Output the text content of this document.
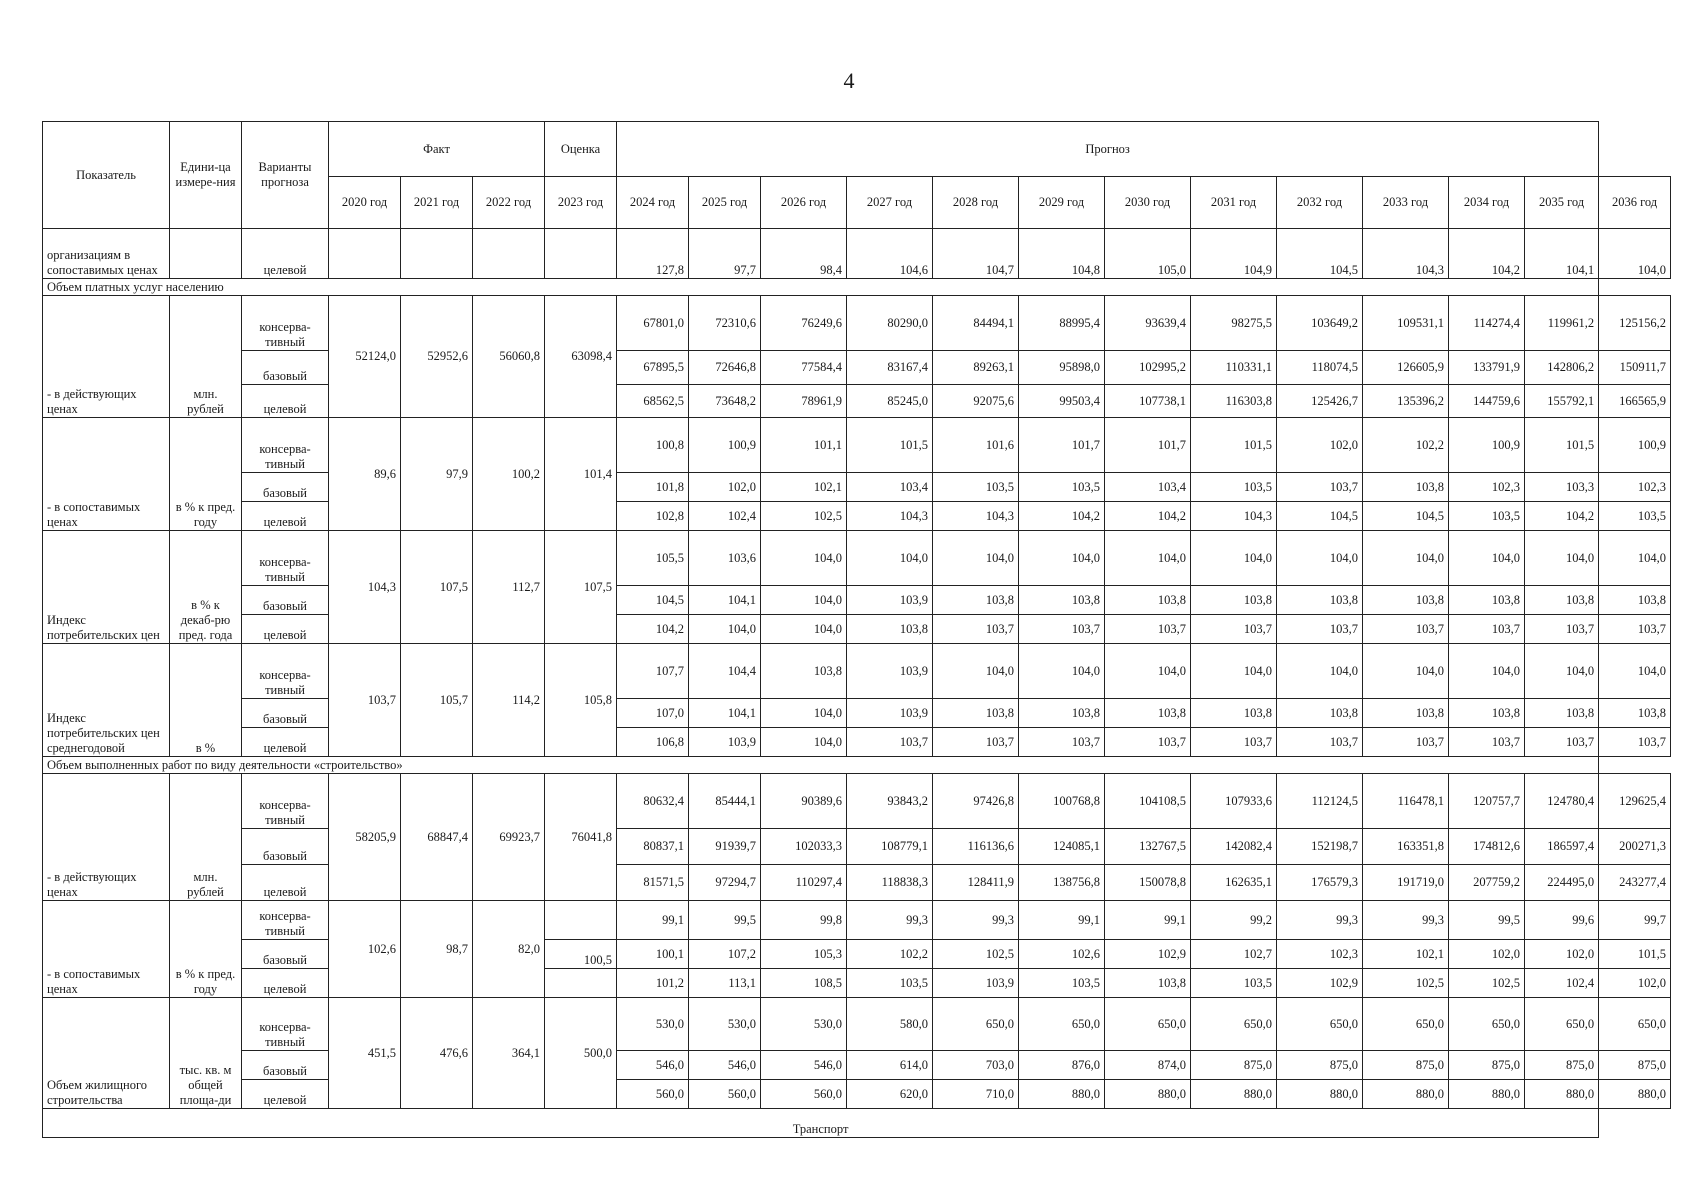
4
Показатель	Едини-ца измере-ния	Варианты прогноза	Факт			Оценка	Прогноз												
			2020 год	2021 год	2022 год	2023 год	2024 год	2025 год	2026 год	2027 год	2028 год	2029 год	2030 год	2031 год	2032 год	2033 год	2034 год	2035 год	2036 год
организациям в сопоставимых ценах		целевой					127,8	97,7	98,4	104,6	104,7	104,8	105,0	104,9	104,5	104,3	104,2	104,1	104,0
Объем платных услуг населению																			
- в действующих ценах	млн. рублей	консерва-тивный	52124,0	52952,6	56060,8	63098,4	67801,0	72310,6	76249,6	80290,0	84494,1	88995,4	93639,4	98275,5	103649,2	109531,1	114274,4	119961,2	125156,2
		базовый					67895,5	72646,8	77584,4	83167,4	89263,1	95898,0	102995,2	110331,1	118074,5	126605,9	133791,9	142806,2	150911,7
		целевой					68562,5	73648,2	78961,9	85245,0	92075,6	99503,4	107738,1	116303,8	125426,7	135396,2	144759,6	155792,1	166565,9
- в сопоставимых ценах	в % к пред. году	консерва-тивный	89,6	97,9	100,2	101,4	100,8	100,9	101,1	101,5	101,6	101,7	101,7	101,5	102,0	102,2	100,9	101,5	100,9
		базовый					101,8	102,0	102,1	103,4	103,5	103,5	103,4	103,5	103,7	103,8	102,3	103,3	102,3
		целевой					102,8	102,4	102,5	104,3	104,3	104,2	104,2	104,3	104,5	104,5	103,5	104,2	103,5
Индекс потребительских цен	в % к декаб-рю пред. года	консерва-тивный	104,3	107,5	112,7	107,5	105,5	103,6	104,0	104,0	104,0	104,0	104,0	104,0	104,0	104,0	104,0	104,0	104,0
		базовый					104,5	104,1	104,0	103,9	103,8	103,8	103,8	103,8	103,8	103,8	103,8	103,8	103,8
		целевой					104,2	104,0	104,0	103,8	103,7	103,7	103,7	103,7	103,7	103,7	103,7	103,7	103,7
Индекс потребительских цен среднегодовой	в %	консерва-тивный	103,7	105,7	114,2	105,8	107,7	104,4	103,8	103,9	104,0	104,0	104,0	104,0	104,0	104,0	104,0	104,0	104,0
		базовый					107,0	104,1	104,0	103,9	103,8	103,8	103,8	103,8	103,8	103,8	103,8	103,8	103,8
		целевой					106,8	103,9	104,0	103,7	103,7	103,7	103,7	103,7	103,7	103,7	103,7	103,7	103,7
Объем выполненных работ по виду деятельности «строительство»																			
- в действующих ценах	млн. рублей	консерва-тивный	58205,9	68847,4	69923,7	76041,8	80632,4	85444,1	90389,6	93843,2	97426,8	100768,8	104108,5	107933,6	112124,5	116478,1	120757,7	124780,4	129625,4
		базовый					80837,1	91939,7	102033,3	108779,1	116136,6	124085,1	132767,5	142082,4	152198,7	163351,8	174812,6	186597,4	200271,3
		целевой					81571,5	97294,7	110297,4	118838,3	128411,9	138756,8	150078,8	162635,1	176579,3	191719,0	207759,2	224495,0	243277,4
- в сопоставимых ценах	в % к пред. году	консерва-тивный	102,6	98,7	82,0		99,1	99,5	99,8	99,3	99,3	99,1	99,1	99,2	99,3	99,3	99,5	99,6	99,7
		базовый				100,5	100,1	107,2	105,3	102,2	102,5	102,6	102,9	102,7	102,3	102,1	102,0	102,0	101,5
		целевой					101,2	113,1	108,5	103,5	103,9	103,5	103,8	103,5	102,9	102,5	102,5	102,4	102,0
Объем жилищного строительства	тыс. кв. м общей площа-ди	консерва-тивный	451,5	476,6	364,1	500,0	530,0	530,0	530,0	580,0	650,0	650,0	650,0	650,0	650,0	650,0	650,0	650,0	650,0
		базовый					546,0	546,0	546,0	614,0	703,0	876,0	874,0	875,0	875,0	875,0	875,0	875,0	875,0
		целевой					560,0	560,0	560,0	620,0	710,0	880,0	880,0	880,0	880,0	880,0	880,0	880,0	880,0
Транспорт																			
